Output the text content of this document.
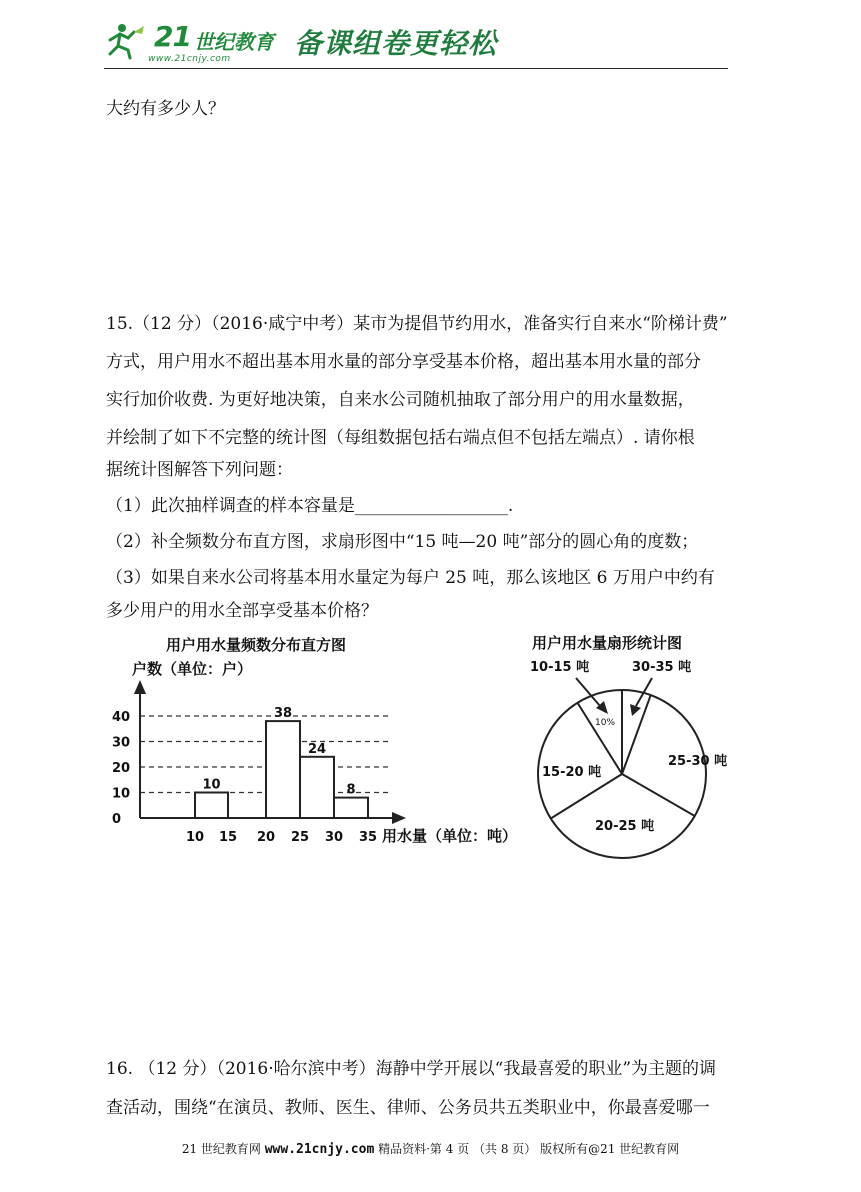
21 世纪教育
www.21cnjy.com 备课组卷更轻松
大约有多少人？
15.（12 分）（2016·咸宁中考）某市为提倡节约用水，准备实行自来水“阶梯计费”
方式，用户用水不超出基本用水量的部分享受基本价格，超出基本用水量的部分
实行加价收费. 为更好地决策，自来水公司随机抽取了部分用户的用水量数据，
并绘制了如下不完整的统计图（每组数据包括右端点但不包括左端点）. 请你根
据统计图解答下列问题：
（1）此次抽样调查的样本容量是__________________.
（2）补全频数分布直方图，求扇形图中“15 吨—20 吨”部分的圆心角的度数；
（3）如果自来水公司将基本用水量定为每户 25 吨，那么该地区 6 万用户中约有
多少用户的用水全部享受基本价格？
用户用水量频数分布直方图
户数（单位：户）
10
38
24
8
0
10
20
30
40
10 15 20 25 30 35 用水量（单位：吨）
用户用水量扇形统计图
10-15 吨	30-35 吨
10%
25-30 吨
20-25 吨
15-20 吨
16. （12 分）（2016·哈尔滨中考）海静中学开展以“我最喜爱的职业”为主题的调
查活动，围绕“在演员、教师、医生、律师、公务员共五类职业中，你最喜爱哪一
21 世纪教育网 www.21cnjy.com 精品资料·第 4 页 （共 8 页） 版权所有@21 世纪教育网
